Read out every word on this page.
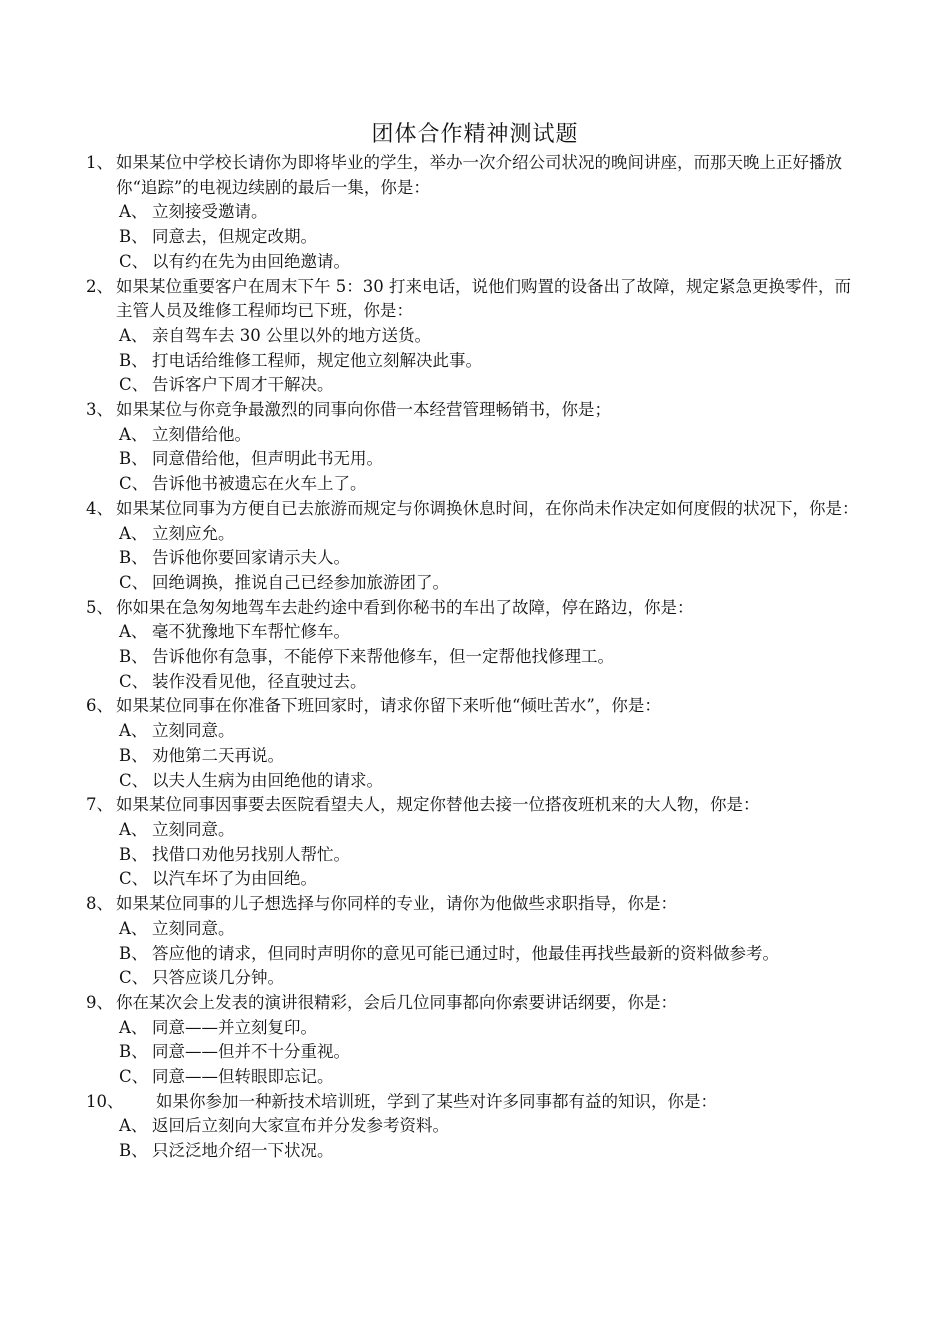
团体合作精神测试题
1、 如果某位中学校长请你为即将毕业的学生，举办一次介绍公司状况的晚间讲座，而那天晚上正好播放你“追踪”的电视边续剧的最后一集，你是：
A、 立刻接受邀请。
B、 同意去，但规定改期。
C、 以有约在先为由回绝邀请。
2、 如果某位重要客户在周末下午 5：30 打来电话，说他们购置的设备出了故障，规定紧急更换零件，而主管人员及维修工程师均已下班，你是：
A、 亲自驾车去 30 公里以外的地方送货。
B、 打电话给维修工程师，规定他立刻解决此事。
C、 告诉客户下周才干解决。
3、 如果某位与你竞争最激烈的同事向你借一本经营管理畅销书，你是；
A、 立刻借给他。
B、 同意借给他，但声明此书无用。
C、 告诉他书被遗忘在火车上了。
4、 如果某位同事为方便自已去旅游而规定与你调换休息时间，在你尚未作决定如何度假的状况下，你是：
A、 立刻应允。
B、 告诉他你要回家请示夫人。
C、 回绝调换，推说自己已经参加旅游团了。
5、 你如果在急匆匆地驾车去赴约途中看到你秘书的车出了故障，停在路边，你是：
A、 毫不犹豫地下车帮忙修车。
B、 告诉他你有急事，不能停下来帮他修车，但一定帮他找修理工。
C、 装作没看见他，径直驶过去。
6、 如果某位同事在你准备下班回家时，请求你留下来听他“倾吐苦水”，你是：
A、 立刻同意。
B、 劝他第二天再说。
C、 以夫人生病为由回绝他的请求。
7、 如果某位同事因事要去医院看望夫人，规定你替他去接一位搭夜班机来的大人物，你是：
A、 立刻同意。
B、 找借口劝他另找别人帮忙。
C、 以汽车坏了为由回绝。
8、 如果某位同事的儿子想选择与你同样的专业，请你为他做些求职指导，你是：
A、 立刻同意。
B、 答应他的请求，但同时声明你的意见可能已通过时，他最佳再找些最新的资料做参考。
C、 只答应谈几分钟。
9、 你在某次会上发表的演讲很精彩，会后几位同事都向你索要讲话纲要，你是：
A、 同意——并立刻复印。
B、 同意——但并不十分重视。
C、 同意——但转眼即忘记。
10、 如果你参加一种新技术培训班，学到了某些对许多同事都有益的知识，你是：
A、 返回后立刻向大家宣布并分发参考资料。
B、 只泛泛地介绍一下状况。
